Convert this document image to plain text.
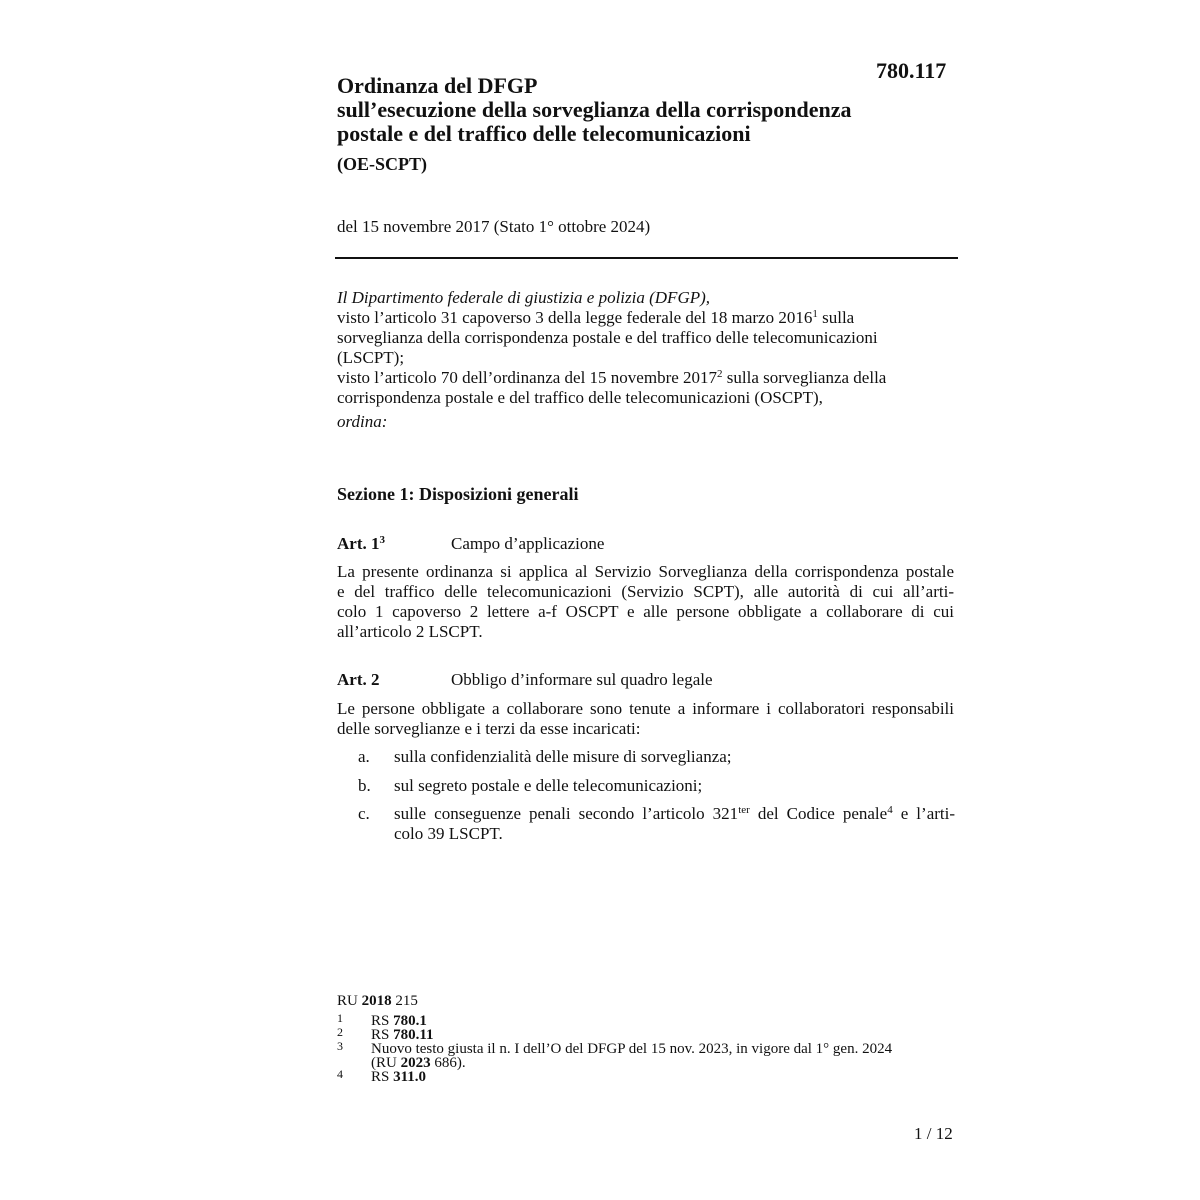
780.117
Ordinanza del DFGP
sull’esecuzione della sorveglianza della corrispondenza
postale e del traffico delle telecomunicazioni
(OE-SCPT)
del 15 novembre 2017 (Stato 1° ottobre 2024)
Il Dipartimento federale di giustizia e polizia (DFGP),
visto l’articolo 31 capoverso 3 della legge federale del 18 marzo 2016$^1$ sulla
sorveglianza della corrispondenza postale e del traffico delle telecomunicazioni
(LSCPT);
visto l’articolo 70 dell’ordinanza del 15 novembre 2017$^2$ sulla sorveglianza della
corrispondenza postale e del traffico delle telecomunicazioni (OSCPT),
ordina:
Sezione 1: Disposizioni generali
Art. 1$^3$	Campo d’applicazione
La presente ordinanza si applica al Servizio Sorveglianza della corrispondenza postale
e del traffico delle telecomunicazioni (Servizio SCPT), alle autorità di cui all’arti-
colo 1 capoverso 2 lettere a-f OSCPT e alle persone obbligate a collaborare di cui
all’articolo 2 LSCPT.
Art. 2	Obbligo d’informare sul quadro legale
Le persone obbligate a collaborare sono tenute a informare i collaboratori responsabili
delle sorveglianze e i terzi da esse incaricati:
a. sulla confidenzialità delle misure di sorveglianza;
b. sul segreto postale e delle telecomunicazioni;
c. sulle conseguenze penali secondo l’articolo 321$^{ter}$ del Codice penale$^4$ e l’arti-
colo 39 LSCPT.
RU 2018 215
1 RS 780.1
2 RS 780.11
3 Nuovo testo giusta il n. I dell’O del DFGP del 15 nov. 2023, in vigore dal 1° gen. 2024
(RU 2023 686).
4 RS 311.0
1 / 12
